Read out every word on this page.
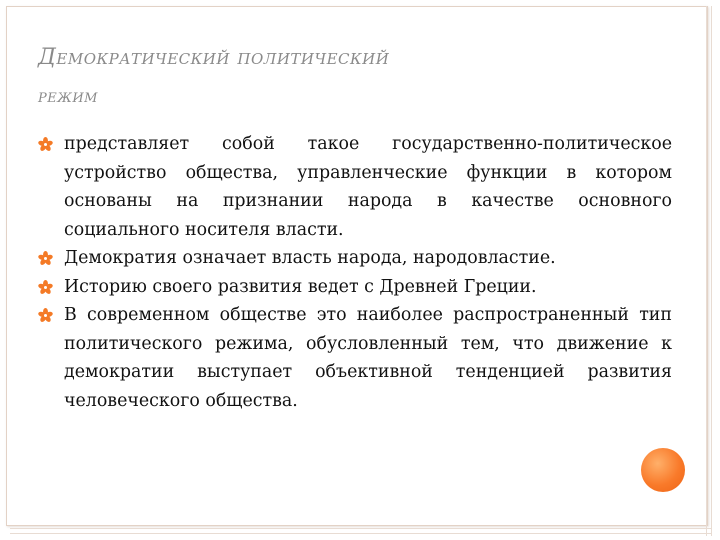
Демократический политический
режим
представляет собой такое государственно-политическое устройство общества, управленческие функции в котором основаны на признании народа в качестве основного социального носителя власти.
Демократия означает власть народа, народовластие.
Историю своего развития ведет с Древней Греции.
В современном обществе это наиболее распространенный тип политического режима, обусловленный тем, что движение к демократии выступает объективной тенденцией развития человеческого общества.
